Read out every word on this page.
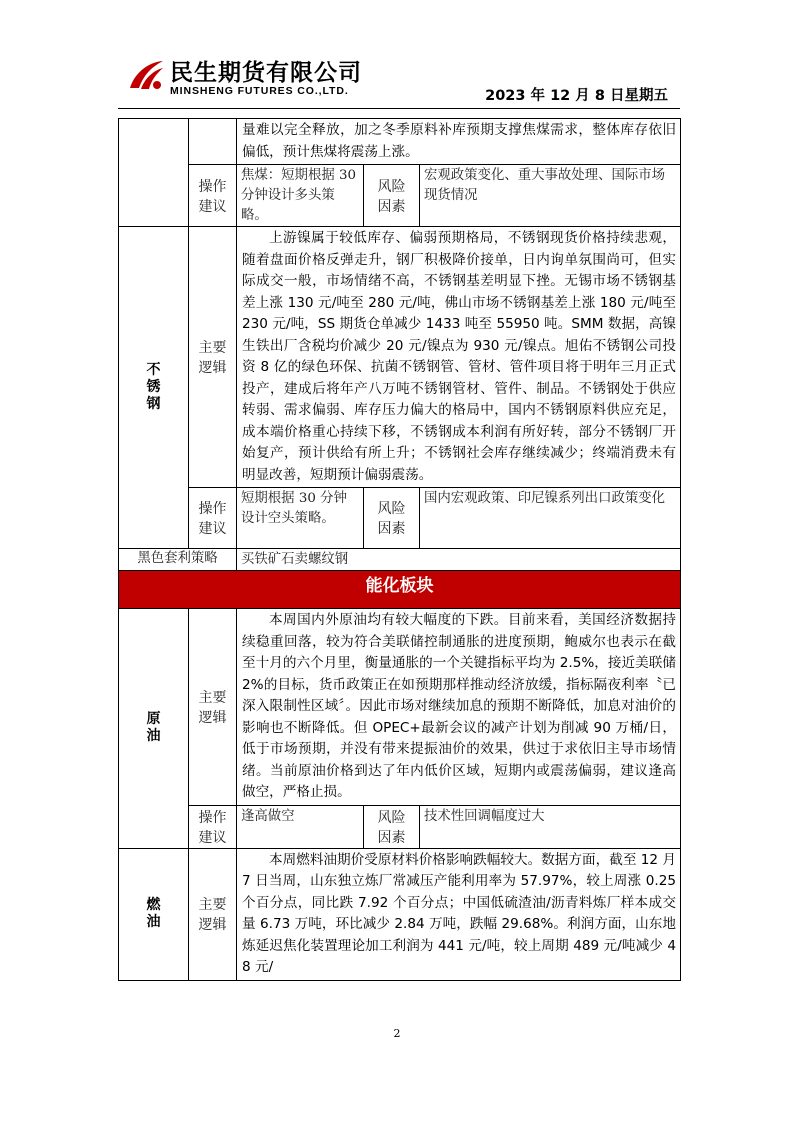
民生期货有限公司
MINSHENG FUTURES CO.,LTD.	2023 年 12 月 8 日星期五
		量难以完全释放，加之冬季原料补库预期支撑焦煤需求，整体库存依旧偏低，预计焦煤将震荡上涨。		
	操作建议	焦煤：短期根据 30 分钟设计多头策略。	风险因素	宏观政策变化、重大事故处理、国际市场现货情况
不锈钢	主要逻辑	上游镍属于较低库存、偏弱预期格局，不锈钢现货价格持续悲观，随着盘面价格反弹走升，钢厂积极降价接单，日内询单氛围尚可，但实际成交一般，市场情绪不高，不锈钢基差明显下挫。无锡市场不锈钢基差上涨 130 元/吨至 280 元/吨，佛山市场不锈钢基差上涨 180 元/吨至 230 元/吨，SS 期货仓单减少 1433 吨至 55950 吨。SMM 数据，高镍生铁出厂含税均价减少 20 元/镍点为 930 元/镍点。旭佑不锈钢公司投资 8 亿的绿色环保、抗菌不锈钢管、管材、管件项目将于明年三月正式投产，建成后将年产八万吨不锈钢管材、管件、制品。不锈钢处于供应转弱、需求偏弱、库存压力偏大的格局中，国内不锈钢原料供应充足，成本端价格重心持续下移，不锈钢成本利润有所好转，部分不锈钢厂开始复产，预计供给有所上升；不锈钢社会库存继续减少；终端消费未有明显改善，短期预计偏弱震荡。		
	操作建议	短期根据 30 分钟设计空头策略。	风险因素	国内宏观政策、印尼镍系列出口政策变化
黑色套利策略		买铁矿石卖螺纹钢		
能化板块				
原油	主要逻辑	本周国内外原油均有较大幅度的下跌。目前来看，美国经济数据持续稳重回落，较为符合美联储控制通胀的进度预期，鲍威尔也表示在截至十月的六个月里，衡量通胀的一个关键指标平均为 2.5%，接近美联储 2%的目标，货币政策正在如预期那样推动经济放缓，指标隔夜利率〝已深入限制性区域〞。因此市场对继续加息的预期不断降低，加息对油价的影响也不断降低。但 OPEC+最新会议的减产计划为削减 90 万桶/日，低于市场预期，并没有带来提振油价的效果，供过于求依旧主导市场情绪。当前原油价格到达了年内低价区域，短期内或震荡偏弱，建议逢高做空，严格止损。		
	操作建议	逢高做空	风险因素	技术性回调幅度过大
燃油	主要逻辑	本周燃料油期价受原材料价格影响跌幅较大。数据方面，截至 12 月 7 日当周，山东独立炼厂常减压产能利用率为 57.97%，较上周涨 0.25 个百分点，同比跌 7.92 个百分点；中国低硫渣油/沥青料炼厂样本成交量 6.73 万吨，环比减少 2.84 万吨，跌幅 29.68%。利润方面，山东地炼延迟焦化装置理论加工利润为 441 元/吨，较上周期 489 元/吨减少 48 元/		
2
